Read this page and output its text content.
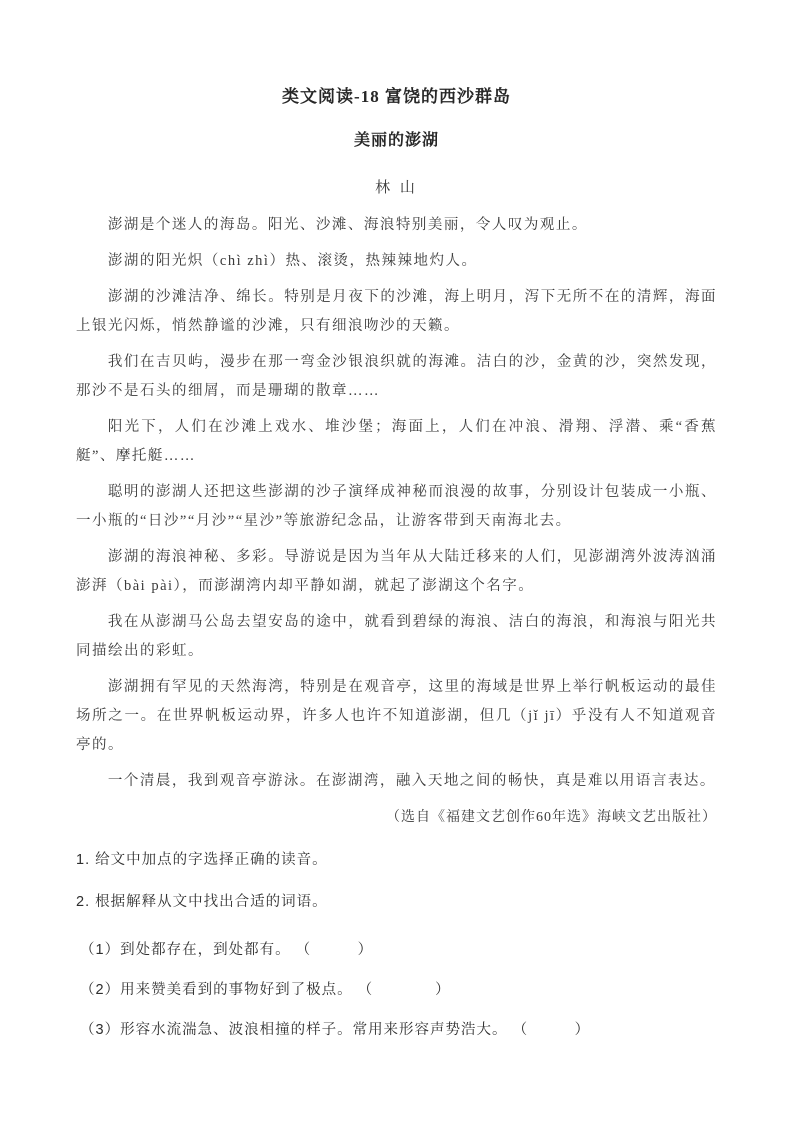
类文阅读-18 富饶的西沙群岛
美丽的澎湖
林 山

澎湖是个迷人的海岛。阳光、沙滩、海浪特别美丽，令人叹为观止。

澎湖的阳光炽（chì zhì）热、滚烫，热辣辣地灼人。

澎湖的沙滩洁净、绵长。特别是月夜下的沙滩，海上明月，泻下无所不在的清辉，海面上银光闪烁，悄然静谧的沙滩，只有细浪吻沙的天籁。

我们在吉贝屿，漫步在那一弯金沙银浪织就的海滩。洁白的沙，金黄的沙，突然发现，那沙不是石头的细屑，而是珊瑚的散章……

阳光下，人们在沙滩上戏水、堆沙堡；海面上，人们在冲浪、滑翔、浮潜、乘“香蕉艇”、摩托艇……

聪明的澎湖人还把这些澎湖的沙子演绎成神秘而浪漫的故事，分别设计包装成一小瓶、一小瓶的“日沙”“月沙”“星沙”等旅游纪念品，让游客带到天南海北去。

澎湖的海浪神秘、多彩。导游说是因为当年从大陆迁移来的人们，见澎湖湾外波涛汹涌澎湃（bài pài），而澎湖湾内却平静如湖，就起了澎湖这个名字。

我在从澎湖马公岛去望安岛的途中，就看到碧绿的海浪、洁白的海浪，和海浪与阳光共同描绘出的彩虹。

澎湖拥有罕见的天然海湾，特别是在观音亭，这里的海域是世界上举行帆板运动的最佳场所之一。在世界帆板运动界，许多人也许不知道澎湖，但几（jǐ jī）乎没有人不知道观音亭的。

一个清晨，我到观音亭游泳。在澎湖湾，融入天地之间的畅快，真是难以用语言表达。

（选自《福建文艺创作60年选》海峡文艺出版社）

1. 给文中加点的字选择正确的读音。
2. 根据解释从文中找出合适的词语。
（1）到处都存在，到处都有。 （　　　）
（2）用来赞美看到的事物好到了极点。 （　　　　）
（3）形容水流湍急、波浪相撞的样子。常用来形容声势浩大。 （　　　）
